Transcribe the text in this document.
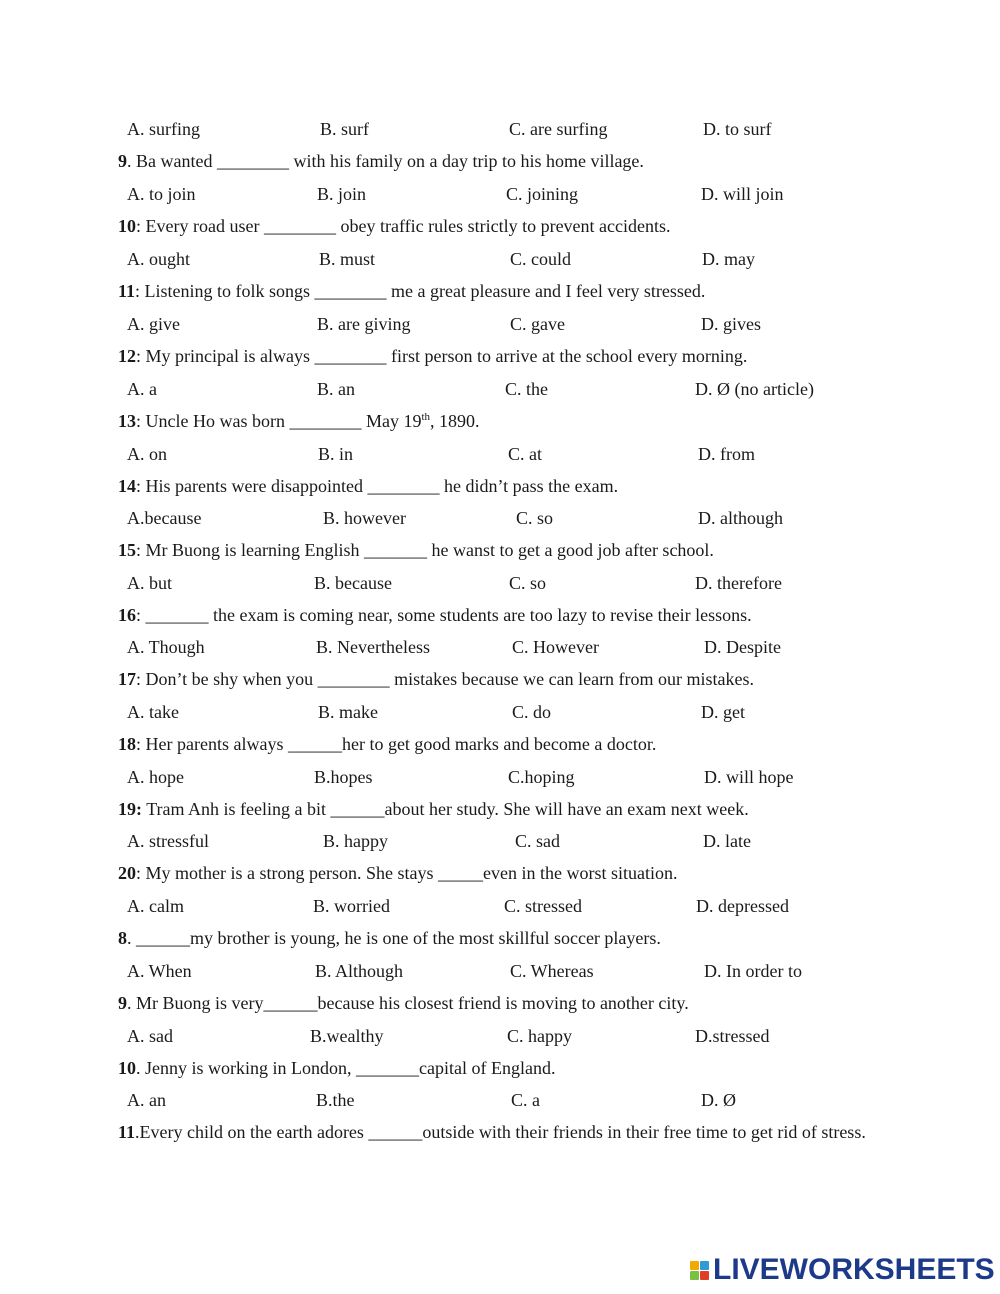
A. surfing	B. surf	C. are surfing	D. to surf
9. Ba wanted ________ with his family on a day trip to his home village.
A. to join	B. join	C. joining	D. will join
10: Every road user ________ obey traffic rules strictly to prevent accidents.
A. ought	B. must	C. could	D. may
11: Listening to folk songs ________ me a great pleasure and I feel very stressed.
A. give	B. are giving	C. gave	D. gives
12: My principal is always ________ first person to arrive at the school every morning.
A. a	B. an	C. the	D. Ø (no article)
13: Uncle Ho was born ________ May 19th, 1890.
A. on	B. in	C. at	D. from
14: His parents were disappointed ________ he didn’t pass the exam.
A.because	B. however	C. so	D. although
15: Mr Buong is learning English _______ he wanst to get a good job after school.
A. but	B. because	C. so	D. therefore
16: _______ the exam is coming near, some students are too lazy to revise their lessons.
A. Though	B. Nevertheless	C. However	D. Despite
17: Don’t be shy when you ________ mistakes because we can learn from our mistakes.
A. take	B. make	C. do	D. get
18: Her parents always ______her to get good marks and become a doctor.
A. hope	B.hopes	C.hoping	D. will hope
19: Tram Anh is feeling a bit ______about her study. She will have an exam next week.
A. stressful	B. happy	C. sad	D. late
20: My mother is a strong person. She stays _____even in the worst situation.
A. calm	B. worried	C. stressed	D. depressed
8. ______my brother is young, he is one of the most skillful soccer players.
A. When	B. Although	C. Whereas	D. In order to
9. Mr Buong is very______because his closest friend is moving to another city.
A. sad	B.wealthy	C. happy	D.stressed
10. Jenny is working in London, _______capital of England.
A. an	B.the	C. a	D. Ø
11.Every child on the earth adores ______outside with their friends in their free time to get rid of stress.
LIVEWORKSHEETS
